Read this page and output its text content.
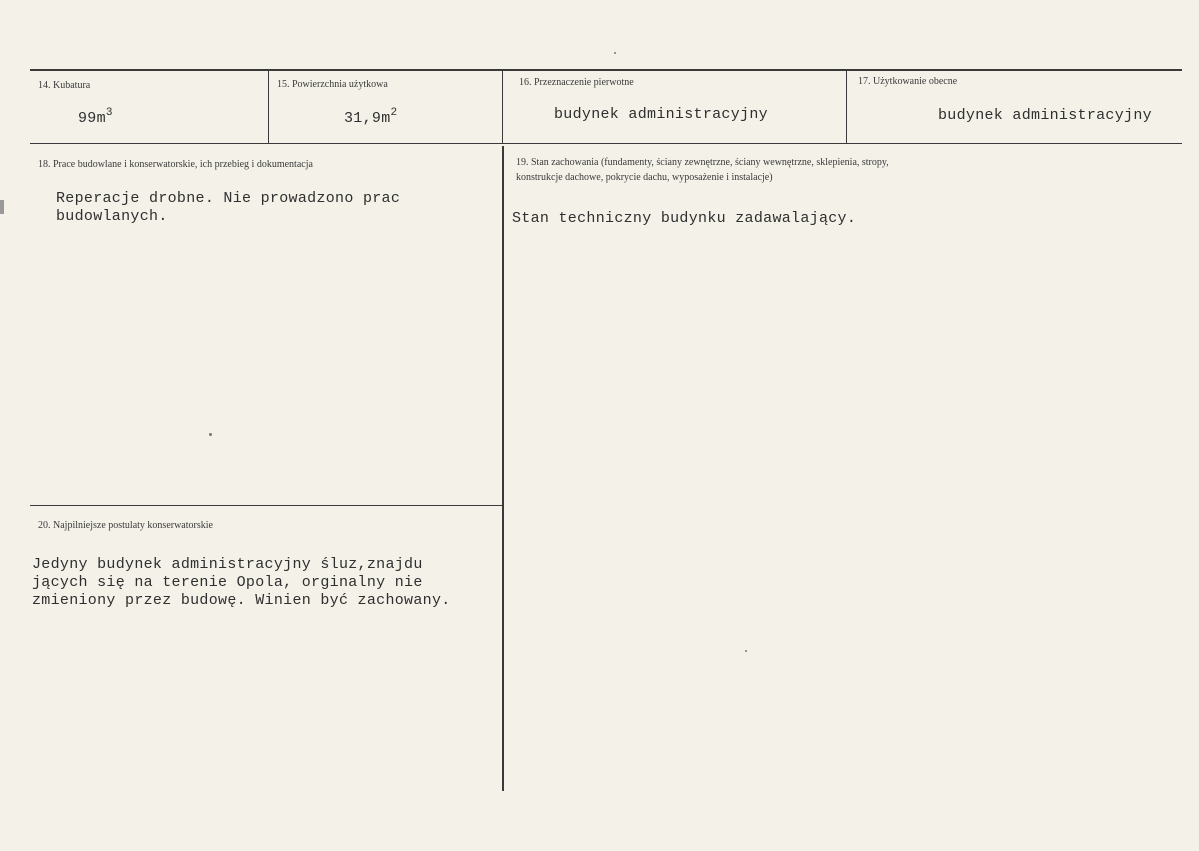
14. Kubatura
$99m^3$
15. Powierzchnia użytkowa
$31,9m^2$
16. Przeznaczenie pierwotne
budynek administracyjny
17. Użytkowanie obecne
budynek administracyjny
18. Prace budowlane i konserwatorskie, ich przebieg i dokumentacja
Reperacje drobne. Nie prowadzono prac
budowlanych.
19. Stan zachowania (fundamenty, ściany zewnętrzne, ściany wewnętrzne, sklepienia, stropy,
konstrukcje dachowe, pokrycie dachu, wyposażenie i instalacje)
Stan techniczny budynku zadawalający.
20. Najpilniejsze postulaty konserwatorskie
Jedyny budynek administracyjny śluz,znajdu
jących się na terenie Opola, orginalny nie
zmieniony przez budowę. Winien być zachowany.
